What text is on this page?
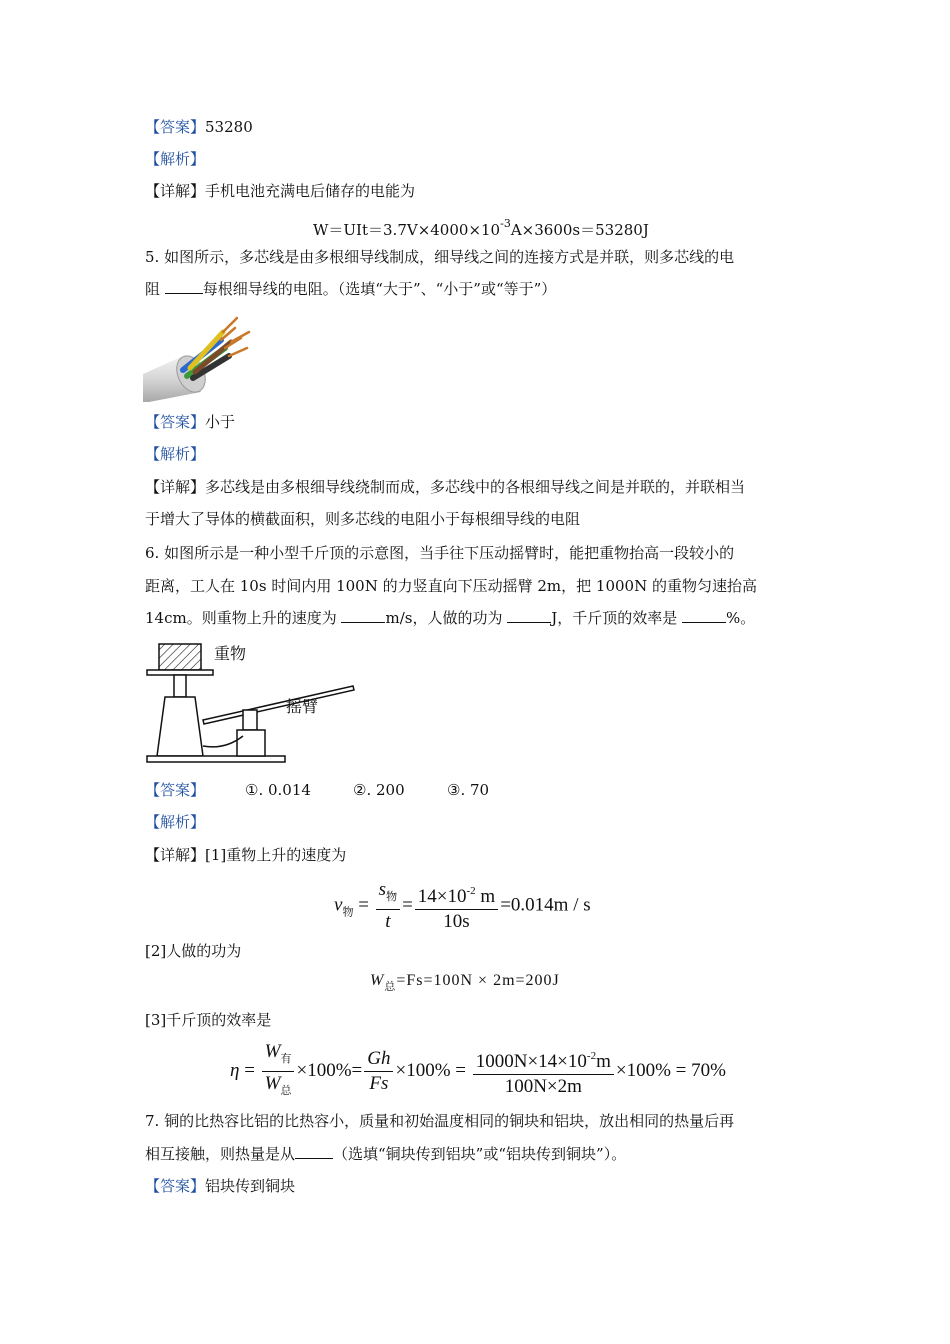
【答案】53280
【解析】
【详解】手机电池充满电后储存的电能为
$W=UIt=3.7V\times 4000\times 10^{-3}A\times 3600s=53280J$
5. 如图所示，多芯线是由多根细导线制成，细导线之间的连接方式是并联，则多芯线的电
阻	每根细导线的电阻。（选填“大于”、“小于”或“等于”）
【答案】小于
【解析】
【详解】多芯线是由多根细导线绕制而成，多芯线中的各根细导线之间是并联的，并联相当
于增大了导体的横截面积，则多芯线的电阻小于每根细导线的电阻
6. 如图所示是一种小型千斤顶的示意图，当手往下压动摇臂时，能把重物抬高一段较小的
距离，工人在 10s 时间内用 100N 的力竖直向下压动摇臂 2m，把 1000N 的重物匀速抬高
14cm。则重物上升的速度为	m/s，人做的功为	J，千斤顶的效率是	%。
重物
摇臂
【答案】	①. 0.014	②. 200	③. 70
【解析】
【详解】[1]重物上升的速度为
$v_物 = \frac{s_物}{t} = \frac{14\times 10^{-2} m}{10s} =0.014m / s$
[2]人做的功为
$W_总=Fs=100N \times 2m=200J$
[3]千斤顶的效率是
$\eta = \frac{W_有}{W_总} \times 100\%= \frac{Gh}{Fs} \times 100\% = \frac{1000N\times 14\times 10^{-2}m}{100N\times 2m} \times 100\% = 70\%$
7. 铜的比热容比铝的比热容小，质量和初始温度相同的铜块和铝块，放出相同的热量后再
相互接触，则热量是从	（选填“铜块传到铝块”或“铝块传到铜块”）。
【答案】铝块传到铜块
